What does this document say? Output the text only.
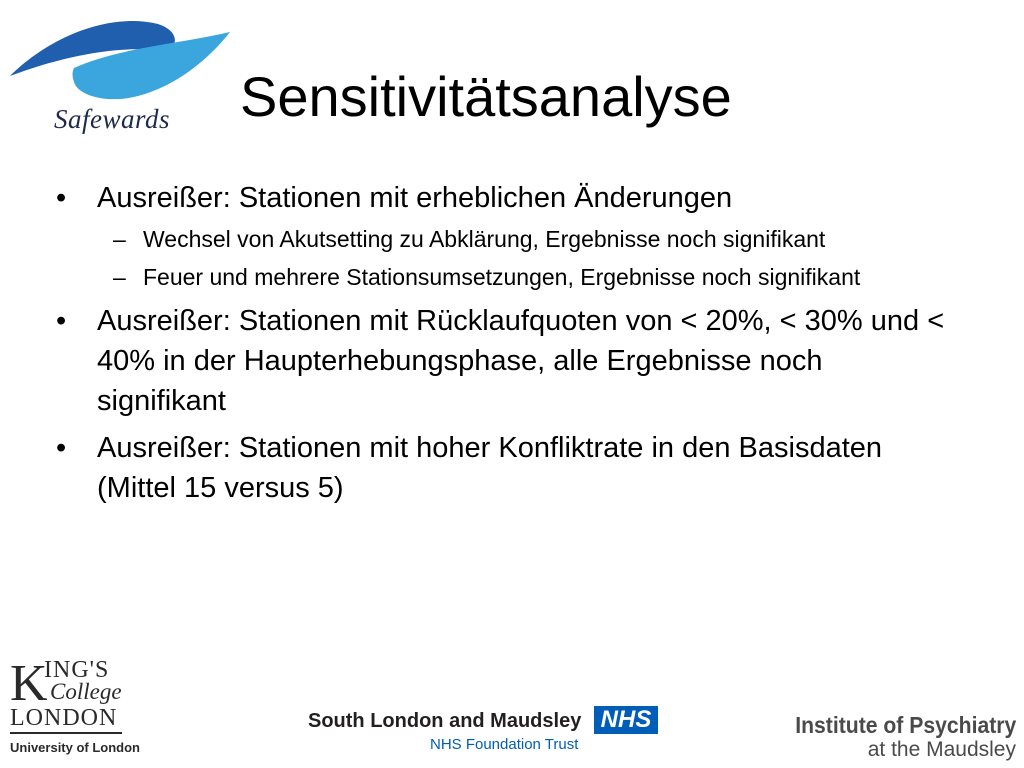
Safewards Sensitivitätsanalyse
• Ausreißer: Stationen mit erheblichen Änderungen
– Wechsel von Akutsetting zu Abklärung, Ergebnisse noch signifikant
– Feuer und mehrere Stationsumsetzungen, Ergebnisse noch signifikant
• Ausreißer: Stationen mit Rücklaufquoten von < 20%, < 30% und < 40% in der Haupterhebungsphase, alle Ergebnisse noch signifikant
• Ausreißer: Stationen mit hoher Konfliktrate in den Basisdaten (Mittel 15 versus 5)
K
ING'S
College
LONDON
University of London
South London and Maudsley NHS
NHS Foundation Trust
Institute of Psychiatry
at the Maudsley
